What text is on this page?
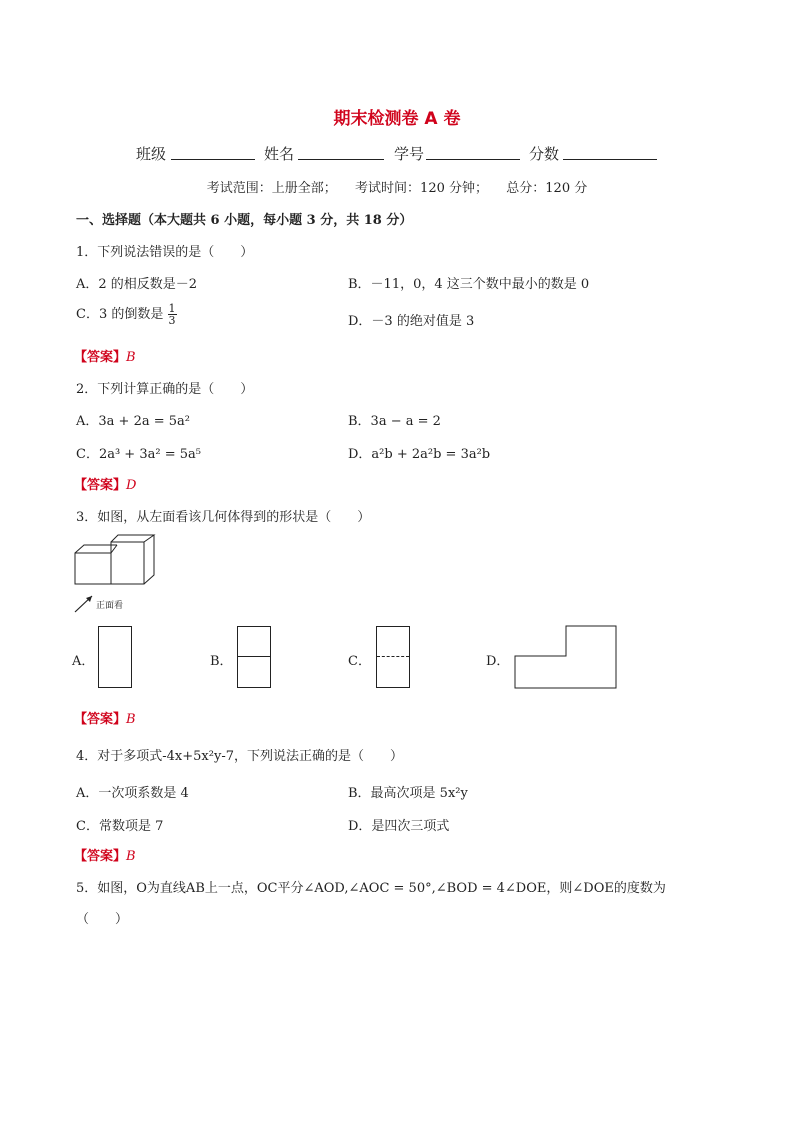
期末检测卷 A 卷
班级	姓名	学号	分数
考试范围：上册全部； 考试时间：120 分钟； 总分：120 分
一、选择题（本大题共 6 小题，每小题 3 分，共 18 分）
1．下列说法错误的是（　　）
A．2 的相反数是－2	B．－11，0，4 这三个数中最小的数是 0
C．3 的倒数是 $\frac{1}{3}$	D．－3 的绝对值是 3
【答案】B
2．下列计算正确的是（　　）
A．3a + 2a = 5a²	B．3a − a = 2
C．2a³ + 3a² = 5a⁵	D．a²b + 2a²b = 3a²b
【答案】D
3．如图，从左面看该几何体得到的形状是（　　）
正面看
A．	B．	C．	D．
【答案】B
4．对于多项式-4x+5x²y-7，下列说法正确的是（　　）
A．一次项系数是 4	B．最高次项是 5x²y
C．常数项是 7	D．是四次三项式
【答案】B
5．如图，O为直线AB上一点，OC平分∠AOD,∠AOC = 50°,∠BOD = 4∠DOE，则∠DOE的度数为
（　　）
